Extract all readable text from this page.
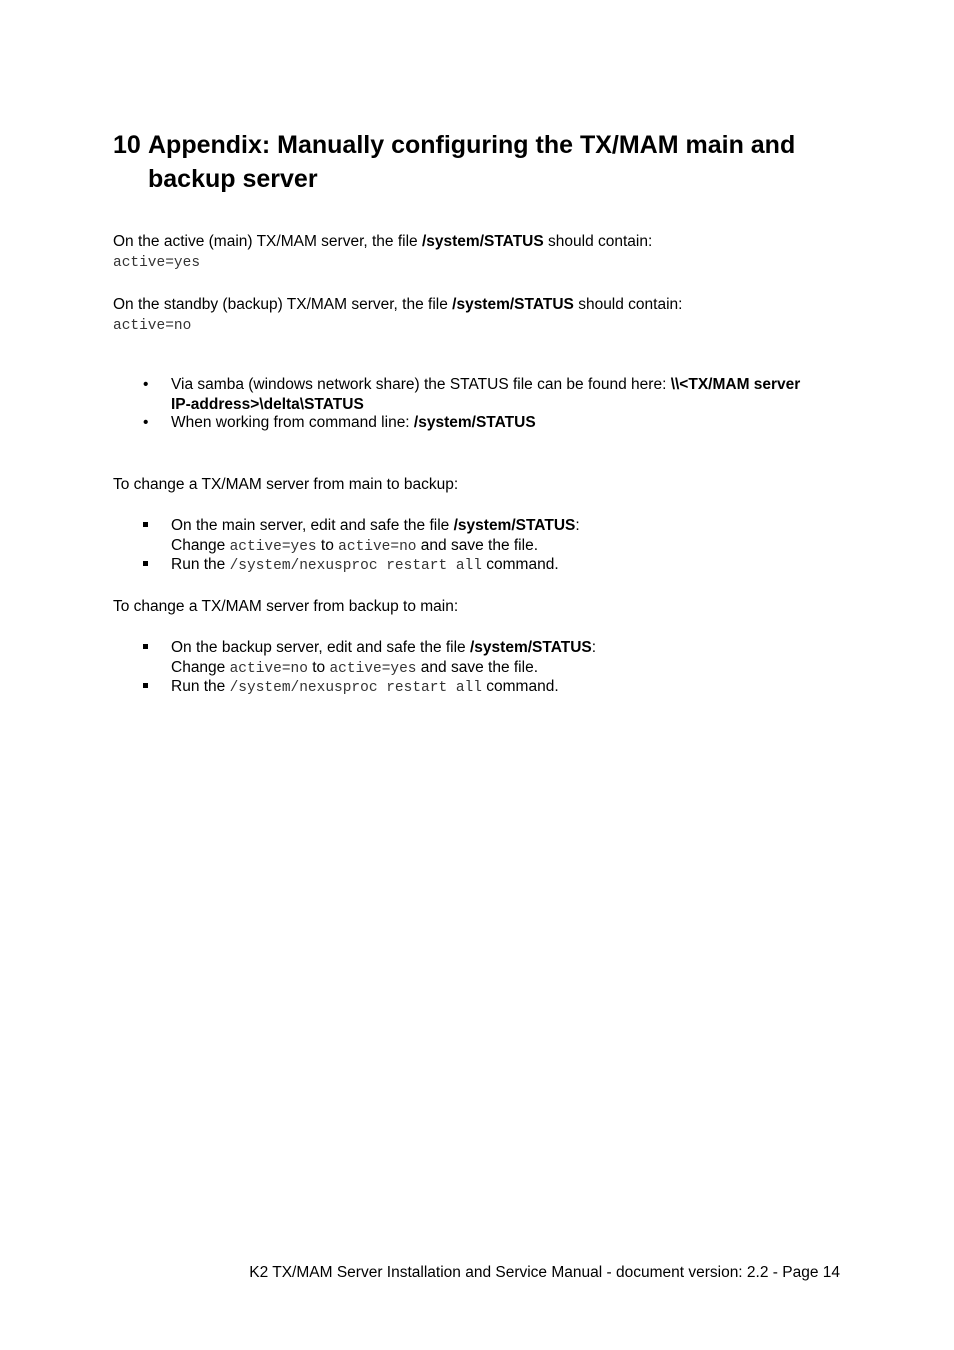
10 Appendix: Manually configuring the TX/MAM main and
backup server

On the active (main) TX/MAM server, the file /system/STATUS should contain:

active=yes

On the standby (backup) TX/MAM server, the file /system/STATUS should contain:

active=no

• Via samba (windows network share) the STATUS file can be found here: \\<TX/MAM server
IP-address>\delta\STATUS

• When working from command line: /system/STATUS

To change a TX/MAM server from main to backup:

On the main server, edit and safe the file /system/STATUS:
Change active=yes to active=no and save the file.

Run the /system/nexusproc restart all command.

To change a TX/MAM server from backup to main:

On the backup server, edit and safe the file /system/STATUS:
Change active=no to active=yes and save the file.

Run the /system/nexusproc restart all command.

K2 TX/MAM Server Installation and Service Manual - document version: 2.2 - Page 14
